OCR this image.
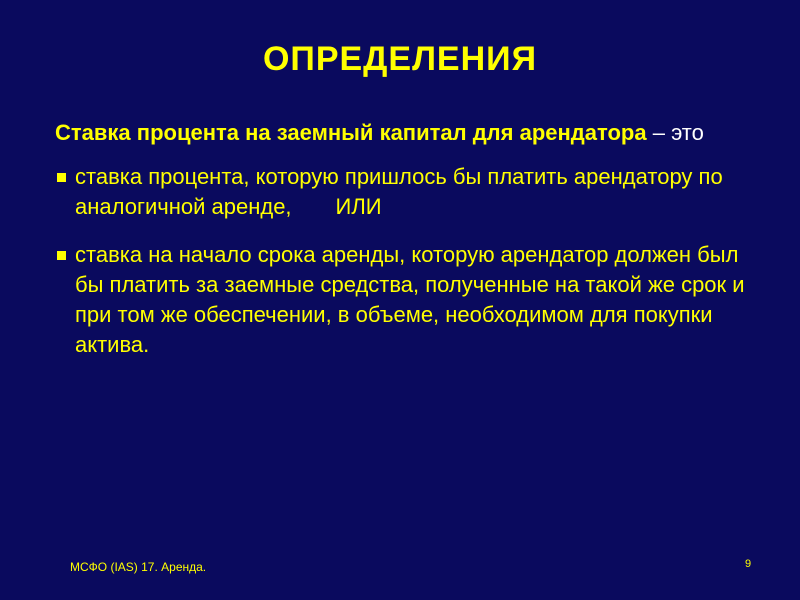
ОПРЕДЕЛЕНИЯ
Ставка процента на заемный капитал для арендатора – это
ставка процента, которую пришлось бы платить арендатору по аналогичной аренде, ИЛИ
ставка на начало срока аренды, которую арендатор должен был бы платить за заемные средства, полученные на такой же срок и при том же обеспечении, в объеме, необходимом для покупки актива.
МСФО (IAS) 17. Аренда.	9
